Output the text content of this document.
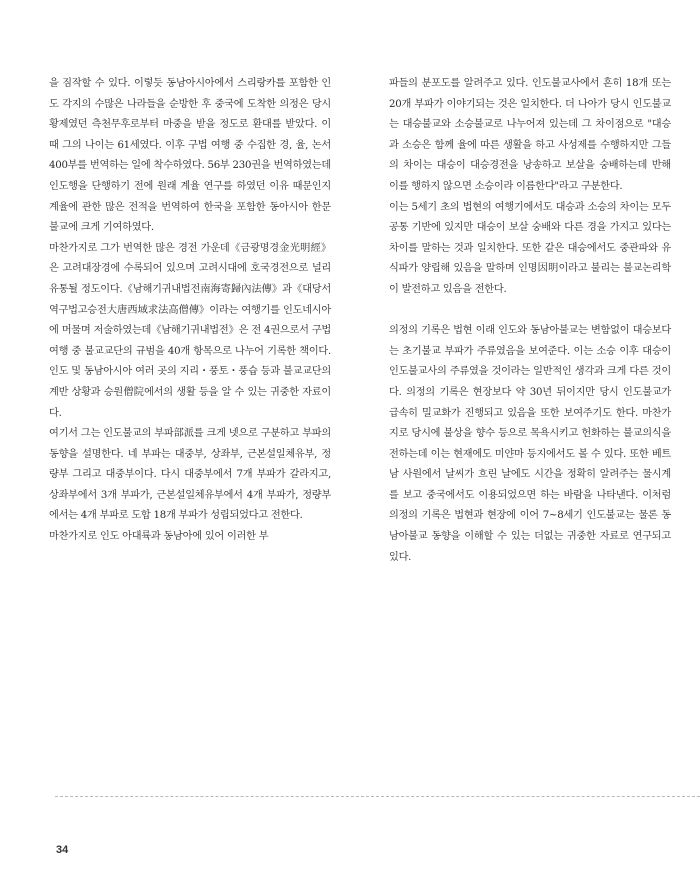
을 짐작할 수 있다. 이렇듯 동남아시아에서 스리랑카를 포함한 인도 각지의 수많은 나라들을 순방한 후 중국에 도착한 의정은 당시 황제였던 측천무후로부터 마중을 받을 정도로 환대를 받았다. 이때 그의 나이는 61세였다. 이후 구법 여행 중 수집한 경, 율, 논서 400부를 번역하는 일에 착수하였다. 56부 230권을 번역하였는데 인도행을 단행하기 전에 원래 계율 연구를 하였던 이유 때문인지 계율에 관한 많은 전적을 번역하여 한국을 포함한 동아시아 한문불교에 크게 기여하였다.

마찬가지로 그가 번역한 많은 경전 가운데《금광명경金光明經》은 고려대장경에 수록되어 있으며 고려시대에 호국경전으로 널리 유통될 정도이다.《남해기귀내법전南海寄歸內法傳》과《대당서역구법고승전大唐西域求法高僧傳》이라는 여행기를 인도네시아에 머물며 저술하였는데《남해기귀내법전》은 전 4권으로서 구법여행 중 불교교단의 규범을 40개 항목으로 나누어 기록한 책이다. 인도 및 동남아시아 여러 곳의 지리・풍토・풍습 등과 불교교단의 계반 상황과 승원僧院에서의 생활 등을 알 수 있는 귀중한 자료이다.

여기서 그는 인도불교의 부파部派를 크게 넷으로 구분하고 부파의 동향을 설명한다. 네 부파는 대중부, 상좌부, 근본설일체유부, 정량부 그리고 대중부이다. 다시 대중부에서 7개 부파가 갈라지고, 상좌부에서 3개 부파가, 근본설일체유부에서 4개 부파가, 정량부에서는 4개 부파로 도합 18개 부파가 성립되었다고 전한다.

마찬가지로 인도 아대륙과 동남아에 있어 이러한 부

파들의 분포도를 알려주고 있다. 인도불교사에서 흔히 18개 또는 20개 부파가 이야기되는 것은 일치한다. 더 나아가 당시 인도불교는 대승불교와 소승불교로 나누어져 있는데 그 차이점으로 "대승과 소승은 함께 율에 따른 생활을 하고 사성제를 수행하지만 그들의 차이는 대승이 대승경전을 낭송하고 보살을 숭배하는데 반해 이를 행하지 않으면 소승이라 이름한다"라고 구분한다.

이는 5세기 초의 법현의 여행기에서도 대승과 소승의 차이는 모두 공통 기반에 있지만 대승이 보살 숭배와 다른 경을 가지고 있다는 차이를 말하는 것과 일치한다. 또한 같은 대승에서도 중관파와 유식파가 양립해 있음을 말하며 인명因明이라고 불리는 불교논리학이 발전하고 있음을 전한다.

의정의 기록은 법현 이래 인도와 동남아불교는 변함없이 대승보다는 초기불교 부파가 주류였음을 보여준다. 이는 소승 이후 대승이 인도불교사의 주류였을 것이라는 일반적인 생각과 크게 다른 것이다. 의정의 기록은 현장보다 약 30년 뒤이지만 당시 인도불교가 급속히 밀교화가 진행되고 있음을 또한 보여주기도 한다. 마찬가지로 당시에 불상을 향수 등으로 목욕시키고 헌화하는 불교의식을 전하는데 이는 현재에도 미얀마 등지에서도 볼 수 있다. 또한 베트남 사원에서 날씨가 흐린 날에도 시간을 정확히 알려주는 물시계를 보고 중국에서도 이용되었으면 하는 바람을 나타낸다. 이처럼 의정의 기록은 법현과 현장에 이어 7~8세기 인도불교는 물론 동남아불교 동향을 이해할 수 있는 더없는 귀중한 자료로 연구되고 있다.

34
